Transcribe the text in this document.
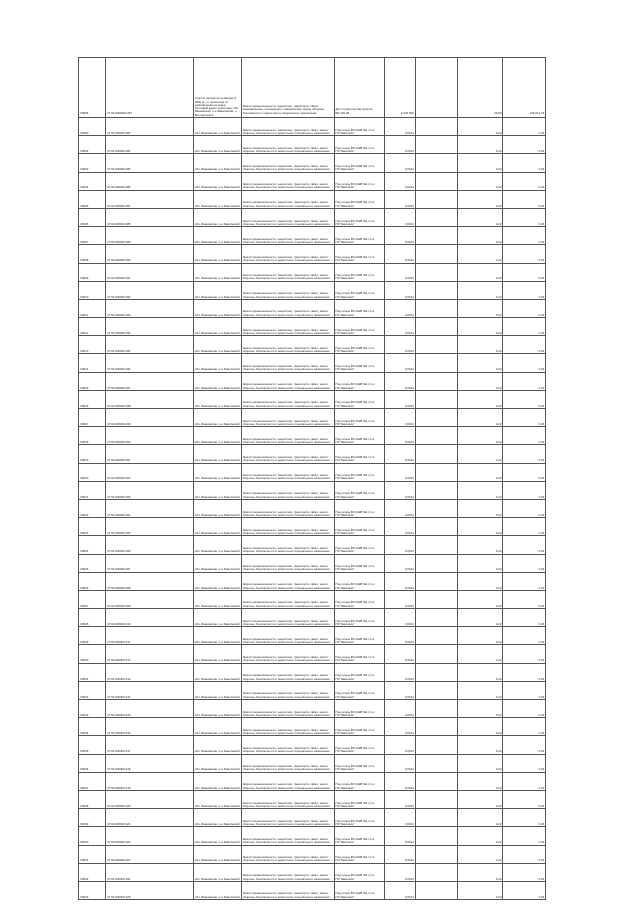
V0596	27:04:0000000:257	Участок находится примерно в 1800 м., от ориентира по направлению на север. Почтовый адрес ориентира: обл. Ивановская, р-н Заволжский, п. Волгореченск	Земли промышленности, энергетики, транспорта, связи, радиовещания, телевидения, информатики, земли обороны, безопасности и земли иного специального назначения	Для строительства проекта ВЛ-220 кВ	6 440 000		29,00	246 014,76
V0600	37:04:000000:283	обл. Ивановская, р-н Заволжский	Земли промышленности, энергетики, транспорта, связи, земли обороны, безопасности и земли иного специального назначения	Под опоры ВЛ-10кВ №1 (1 от ПС"Заволжск"	0,0014		0,22	0,04
V0602	37:04:000000:284	обл. Ивановская, р-н Заволжский	Земли промышленности, энергетики, транспорта, связи, земли обороны, безопасности и земли иного специального назначения	Под опоры ВЛ-10кВ №1 (1 от ПС"Заволжск"	0,0014		0,22	0,04
V0603	37:04:000000:285	обл. Ивановская, р-н Заволжский	Земли промышленности, энергетики, транспорта, связи, земли обороны, безопасности и земли иного специального назначения	Под опоры ВЛ-10кВ №1 (1 от ПС"Заволжск"	0,0014		0,22	0,04
V0604	37:04:000000:286	обл. Ивановская, р-н Заволжский	Земли промышленности, энергетики, транспорта, связи, земли обороны, безопасности и земли иного специального назначения	Под опоры ВЛ-10кВ №1 (1 от ПС"Заволжск"	0,0014		0,22	0,04
V0605	37:04:000000:287	обл. Ивановская, р-н Заволжский	Земли промышленности, энергетики, транспорта, связи, земли обороны, безопасности и земли иного специального назначения	Под опоры ВЛ-10кВ №1 (1 от ПС"Заволжск"	0,0014		0,22	0,04
V0606	37:04:000000:288	обл. Ивановская, р-н Заволжский	Земли промышленности, энергетики, транспорта, связи, земли обороны, безопасности и земли иного специального назначения	Под опоры ВЛ-10кВ №1 (1 от ПС"Заволжск"	0,0014		0,22	0,04
V0607	37:04:000000:289	обл. Ивановская, р-н Заволжский	Земли промышленности, энергетики, транспорта, связи, земли обороны, безопасности и земли иного специального назначения	Под опоры ВЛ-10кВ №1 (1 от ПС"Заволжск"	0,0014		0,22	0,04
V0608	37:04:000000:290	обл. Ивановская, р-н Заволжский	Земли промышленности, энергетики, транспорта, связи, земли обороны, безопасности и земли иного специального назначения	Под опоры ВЛ-10кВ №1 (1 от ПС"Заволжск"	0,0014		0,22	0,04
V0609	37:04:000000:291	обл. Ивановская, р-н Заволжский	Земли промышленности, энергетики, транспорта, связи, земли обороны, безопасности и земли иного специального назначения	Под опоры ВЛ-10кВ №1 (1 от ПС"Заволжск"	0,0014		0,22	0,04
V0610	37:04:000000:292	обл. Ивановская, р-н Заволжский	Земли промышленности, энергетики, транспорта, связи, земли обороны, безопасности и земли иного специального назначения	Под опоры ВЛ-10кВ №1 (1 от ПС"Заволжск"	0,0014		0,22	0,04
V0611	37:04:000000:293	обл. Ивановская, р-н Заволжский	Земли промышленности, энергетики, транспорта, связи, земли обороны, безопасности и земли иного специального назначения	Под опоры ВЛ-10кВ №1 (1 от ПС"Заволжск"	0,0014		0,22	0,04
V0612	37:04:000000:294	обл. Ивановская, р-н Заволжский	Земли промышленности, энергетики, транспорта, связи, земли обороны, безопасности и земли иного специального назначения	Под опоры ВЛ-10кВ №1 (1 от ПС"Заволжск"	0,0014		0,22	0,04
V0613	37:04:000000:295	обл. Ивановская, р-н Заволжский	Земли промышленности, энергетики, транспорта, связи, земли обороны, безопасности и земли иного специального назначения	Под опоры ВЛ-10кВ №1 (1 от ПС"Заволжск"	0,0014		0,22	0,04
V0614	37:04:000000:296	обл. Ивановская, р-н Заволжский	Земли промышленности, энергетики, транспорта, связи, земли обороны, безопасности и земли иного специального назначения	Под опоры ВЛ-10кВ №1 (1 от ПС"Заволжск"	0,0014		0,22	0,04
V0615	37:04:000000:297	обл. Ивановская, р-н Заволжский	Земли промышленности, энергетики, транспорта, связи, земли обороны, безопасности и земли иного специального назначения	Под опоры ВЛ-10кВ №1 (1 от ПС"Заволжск"	0,0014		0,22	0,04
V0616	37:04:000000:298	обл. Ивановская, р-н Заволжский	Земли промышленности, энергетики, транспорта, связи, земли обороны, безопасности и земли иного специального назначения	Под опоры ВЛ-10кВ №1 (1 от ПС"Заволжск"	0,0014		0,22	0,04
V0617	37:04:000000:299	обл. Ивановская, р-н Заволжский	Земли промышленности, энергетики, транспорта, связи, земли обороны, безопасности и земли иного специального назначения	Под опоры ВЛ-10кВ №1 (1 от ПС"Заволжск"	0,0014		0,22	0,04
V0618	37:04:000000:300	обл. Ивановская, р-н Заволжский	Земли промышленности, энергетики, транспорта, связи, земли обороны, безопасности и земли иного специального назначения	Под опоры ВЛ-10кВ №1 (1 от ПС"Заволжск"	0,0014		0,22	0,04
V0619	37:04:000000:301	обл. Ивановская, р-н Заволжский	Земли промышленности, энергетики, транспорта, связи, земли обороны, безопасности и земли иного специального назначения	Под опоры ВЛ-10кВ №1 (1 от ПС"Заволжск"	0,0014		0,22	0,04
V0620	37:04:000000:302	обл. Ивановская, р-н Заволжский	Земли промышленности, энергетики, транспорта, связи, земли обороны, безопасности и земли иного специального назначения	Под опоры ВЛ-10кВ №1 (1 от ПС"Заволжск"	0,0014		0,22	0,04
V0621	37:04:000000:303	обл. Ивановская, р-н Заволжский	Земли промышленности, энергетики, транспорта, связи, земли обороны, безопасности и земли иного специального назначения	Под опоры ВЛ-10кВ №1 (1 от ПС"Заволжск"	0,0014		0,22	0,04
V0622	37:04:000000:304	обл. Ивановская, р-н Заволжский	Земли промышленности, энергетики, транспорта, связи, земли обороны, безопасности и земли иного специального назначения	Под опоры ВЛ-10кВ №1 (1 от ПС"Заволжск"	0,0014		0,22	0,04
V0623	37:04:000000:305	обл. Ивановская, р-н Заволжский	Земли промышленности, энергетики, транспорта, связи, земли обороны, безопасности и земли иного специального назначения	Под опоры ВЛ-10кВ №1 (1 от ПС"Заволжск"	0,0014		0,22	0,04
V0624	37:04:000000:306	обл. Ивановская, р-н Заволжский	Земли промышленности, энергетики, транспорта, связи, земли обороны, безопасности и земли иного специального назначения	Под опоры ВЛ-10кВ №1 (1 от ПС"Заволжск"	0,0014		0,22	0,04
V0625	37:04:000000:307	обл. Ивановская, р-н Заволжский	Земли промышленности, энергетики, транспорта, связи, земли обороны, безопасности и земли иного специального назначения	Под опоры ВЛ-10кВ №1 (1 от ПС"Заволжск"	0,0014		0,22	0,04
V0626	37:04:000000:308	обл. Ивановская, р-н Заволжский	Земли промышленности, энергетики, транспорта, связи, земли обороны, безопасности и земли иного специального назначения	Под опоры ВЛ-10кВ №1 (1 от ПС"Заволжск"	0,0014		0,22	0,04
V0627	37:04:000000:309	обл. Ивановская, р-н Заволжский	Земли промышленности, энергетики, транспорта, связи, земли обороны, безопасности и земли иного специального назначения	Под опоры ВЛ-10кВ №1 (1 от ПС"Заволжск"	0,0014		0,22	0,04
V0628	37:04:000000:310	обл. Ивановская, р-н Заволжский	Земли промышленности, энергетики, транспорта, связи, земли обороны, безопасности и земли иного специального назначения	Под опоры ВЛ-10кВ №1 (1 от ПС"Заволжск"	0,0014		0,22	0,04
V0629	37:04:000000:311	обл. Ивановская, р-н Заволжский	Земли промышленности, энергетики, транспорта, связи, земли обороны, безопасности и земли иного специального назначения	Под опоры ВЛ-10кВ №1 (1 от ПС"Заволжск"	0,0014		0,22	0,04
V0630	37:04:000000:312	обл. Ивановская, р-н Заволжский	Земли промышленности, энергетики, транспорта, связи, земли обороны, безопасности и земли иного специального назначения	Под опоры ВЛ-10кВ №1 (1 от ПС"Заволжск"	0,0014		0,22	0,04
V0631	37:04:000000:313	обл. Ивановская, р-н Заволжский	Земли промышленности, энергетики, транспорта, связи, земли обороны, безопасности и земли иного специального назначения	Под опоры ВЛ-10кВ №1 (1 от ПС"Заволжск"	0,0014		0,22	0,04
V0632	37:04:000000:314	обл. Ивановская, р-н Заволжский	Земли промышленности, энергетики, транспорта, связи, земли обороны, безопасности и земли иного специального назначения	Под опоры ВЛ-10кВ №1 (1 от ПС"Заволжск"	0,0014		0,22	0,04
V0633	37:04:000000:315	обл. Ивановская, р-н Заволжский	Земли промышленности, энергетики, транспорта, связи, земли обороны, безопасности и земли иного специального назначения	Под опоры ВЛ-10кВ №1 (1 от ПС"Заволжск"	0,0014		0,22	0,04
V0634	37:04:000000:316	обл. Ивановская, р-н Заволжский	Земли промышленности, энергетики, транспорта, связи, земли обороны, безопасности и земли иного специального назначения	Под опоры ВЛ-10кВ №1 (1 от ПС"Заволжск"	0,0014		0,22	0,04
V0635	37:04:000000:317	обл. Ивановская, р-н Заволжский	Земли промышленности, энергетики, транспорта, связи, земли обороны, безопасности и земли иного специального назначения	Под опоры ВЛ-10кВ №1 (1 от ПС"Заволжск"	0,0014		0,22	0,04
V0636	37:04:000000:318	обл. Ивановская, р-н Заволжский	Земли промышленности, энергетики, транспорта, связи, земли обороны, безопасности и земли иного специального назначения	Под опоры ВЛ-10кВ №1 (1 от ПС"Заволжск"	0,0014		0,22	0,04
V0637	37:04:000000:319	обл. Ивановская, р-н Заволжский	Земли промышленности, энергетики, транспорта, связи, земли обороны, безопасности и земли иного специального назначения	Под опоры ВЛ-10кВ №1 (1 от ПС"Заволжск"	0,0014		0,22	0,04
V0638	37:04:000000:320	обл. Ивановская, р-н Заволжский	Земли промышленности, энергетики, транспорта, связи, земли обороны, безопасности и земли иного специального назначения	Под опоры ВЛ-10кВ №1 (1 от ПС"Заволжск"	0,0014		0,22	0,04
V0639	37:04:000000:321	обл. Ивановская, р-н Заволжский	Земли промышленности, энергетики, транспорта, связи, земли обороны, безопасности и земли иного специального назначения	Под опоры ВЛ-10кВ №1 (1 от ПС"Заволжск"	0,0014		0,22	0,04
V0640	37:04:000000:322	обл. Ивановская, р-н Заволжский	Земли промышленности, энергетики, транспорта, связи, земли обороны, безопасности и земли иного специального назначения	Под опоры ВЛ-10кВ №1 (1 от ПС"Заволжск"	0,0014		0,22	0,04
V0641	37:04:000000:323	обл. Ивановская, р-н Заволжский	Земли промышленности, энергетики, транспорта, связи, земли обороны, безопасности и земли иного специального назначения	Под опоры ВЛ-10кВ №1 (1 от ПС"Заволжск"	0,0014		0,22	0,04
V0642	37:04:000000:324	обл. Ивановская, р-н Заволжский	Земли промышленности, энергетики, транспорта, связи, земли обороны, безопасности и земли иного специального назначения	Под опоры ВЛ-10кВ №1 (1 от ПС"Заволжск"	0,0014		0,22	0,04
V0643	37:04:000000:325	обл. Ивановская, р-н Заволжский	Земли промышленности, энергетики, транспорта, связи, земли обороны, безопасности и земли иного специального назначения	Под опоры ВЛ-10кВ №1 (1 от ПС"Заволжск"	0,0014		0,22	0,04
